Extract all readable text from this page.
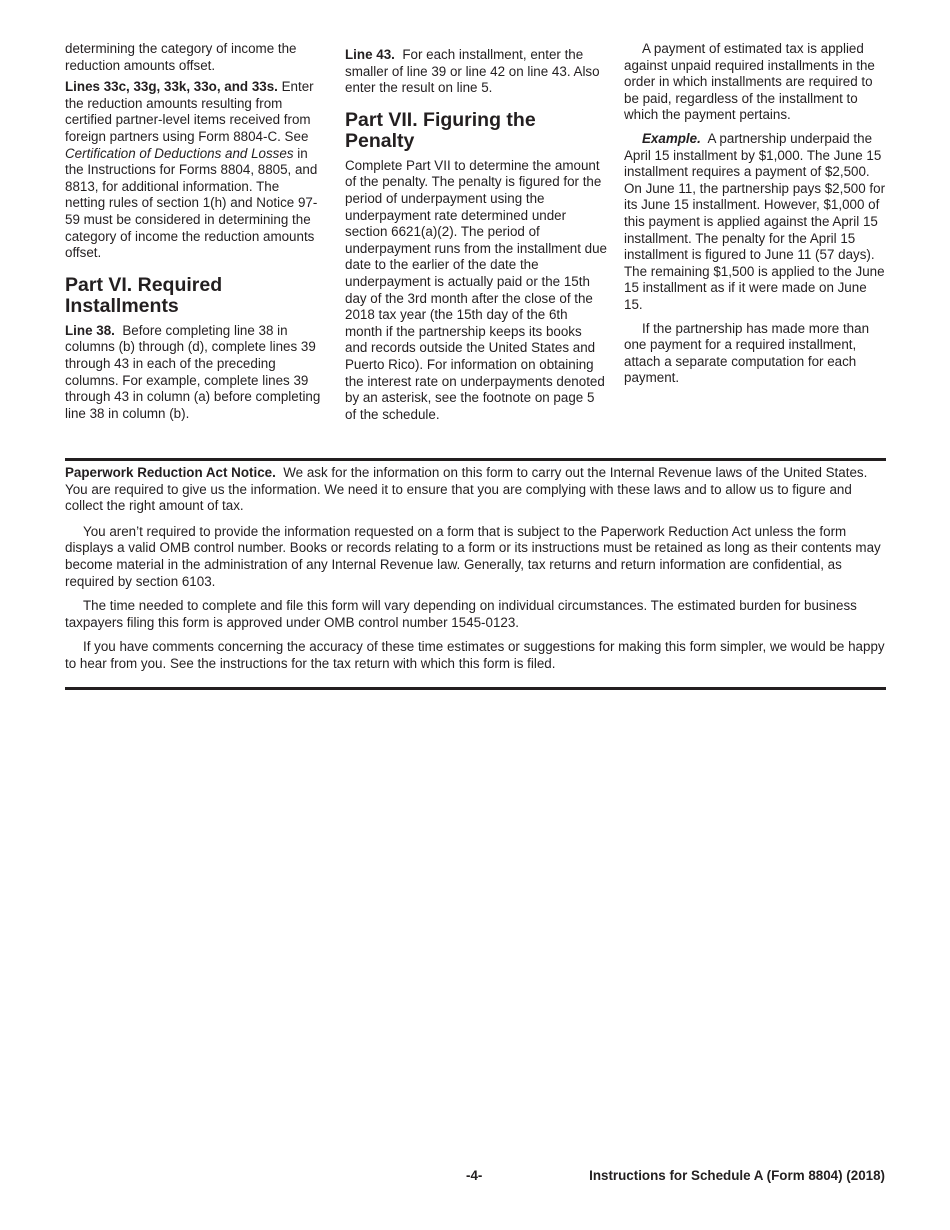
determining the category of income the reduction amounts offset.

Lines 33c, 33g, 33k, 33o, and 33s. Enter the reduction amounts resulting from certified partner-level items received from foreign partners using Form 8804-C. See Certification of Deductions and Losses in the Instructions for Forms 8804, 8805, and 8813, for additional information. The netting rules of section 1(h) and Notice 97-59 must be considered in determining the category of income the reduction amounts offset.

Part VI. Required Installments

Line 38. Before completing line 38 in columns (b) through (d), complete lines 39 through 43 in each of the preceding columns. For example, complete lines 39 through 43 in column (a) before completing line 38 in column (b).

Line 43. For each installment, enter the smaller of line 39 or line 42 on line 43. Also enter the result on line 5.

Part VII. Figuring the Penalty

Complete Part VII to determine the amount of the penalty. The penalty is figured for the period of underpayment using the underpayment rate determined under section 6621(a)(2). The period of underpayment runs from the installment due date to the earlier of the date the underpayment is actually paid or the 15th day of the 3rd month after the close of the 2018 tax year (the 15th day of the 6th month if the partnership keeps its books and records outside the United States and Puerto Rico). For information on obtaining the interest rate on underpayments denoted by an asterisk, see the footnote on page 5 of the schedule.

A payment of estimated tax is applied against unpaid required installments in the order in which installments are required to be paid, regardless of the installment to which the payment pertains.

Example. A partnership underpaid the April 15 installment by $1,000. The June 15 installment requires a payment of $2,500. On June 11, the partnership pays $2,500 for its June 15 installment. However, $1,000 of this payment is applied against the April 15 installment. The penalty for the April 15 installment is figured to June 11 (57 days). The remaining $1,500 is applied to the June 15 installment as if it were made on June 15.

If the partnership has made more than one payment for a required installment, attach a separate computation for each payment.

Paperwork Reduction Act Notice. We ask for the information on this form to carry out the Internal Revenue laws of the United States. You are required to give us the information. We need it to ensure that you are complying with these laws and to allow us to figure and collect the right amount of tax.

You aren’t required to provide the information requested on a form that is subject to the Paperwork Reduction Act unless the form displays a valid OMB control number. Books or records relating to a form or its instructions must be retained as long as their contents may become material in the administration of any Internal Revenue law. Generally, tax returns and return information are confidential, as required by section 6103.

The time needed to complete and file this form will vary depending on individual circumstances. The estimated burden for business taxpayers filing this form is approved under OMB control number 1545-0123.

If you have comments concerning the accuracy of these time estimates or suggestions for making this form simpler, we would be happy to hear from you. See the instructions for the tax return with which this form is filed.

-4-	Instructions for Schedule A (Form 8804) (2018)
